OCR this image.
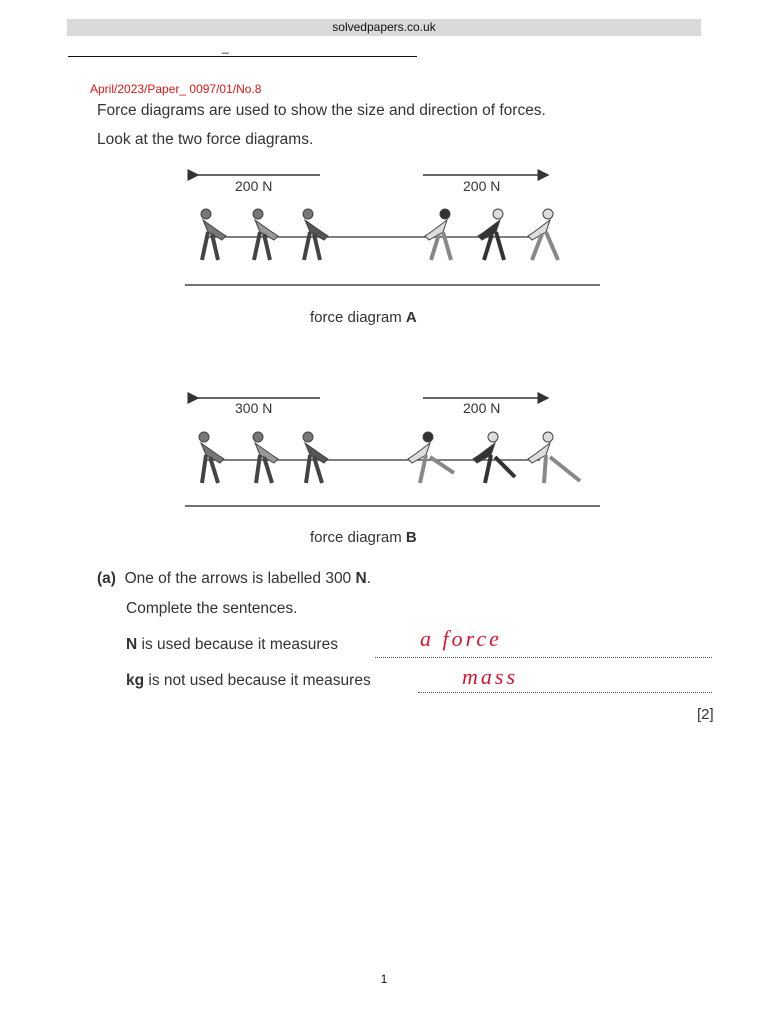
solvedpapers.co.uk
_
April/2023/Paper_ 0097/01/No.8
Force diagrams are used to show the size and direction of forces.
Look at the two force diagrams.
200 N	200 N
force diagram A
300 N	200 N
force diagram B
(a) One of the arrows is labelled 300 N.
Complete the sentences.
N is used because it measures	a force
kg is not used because it measures	mass
[2]
1
